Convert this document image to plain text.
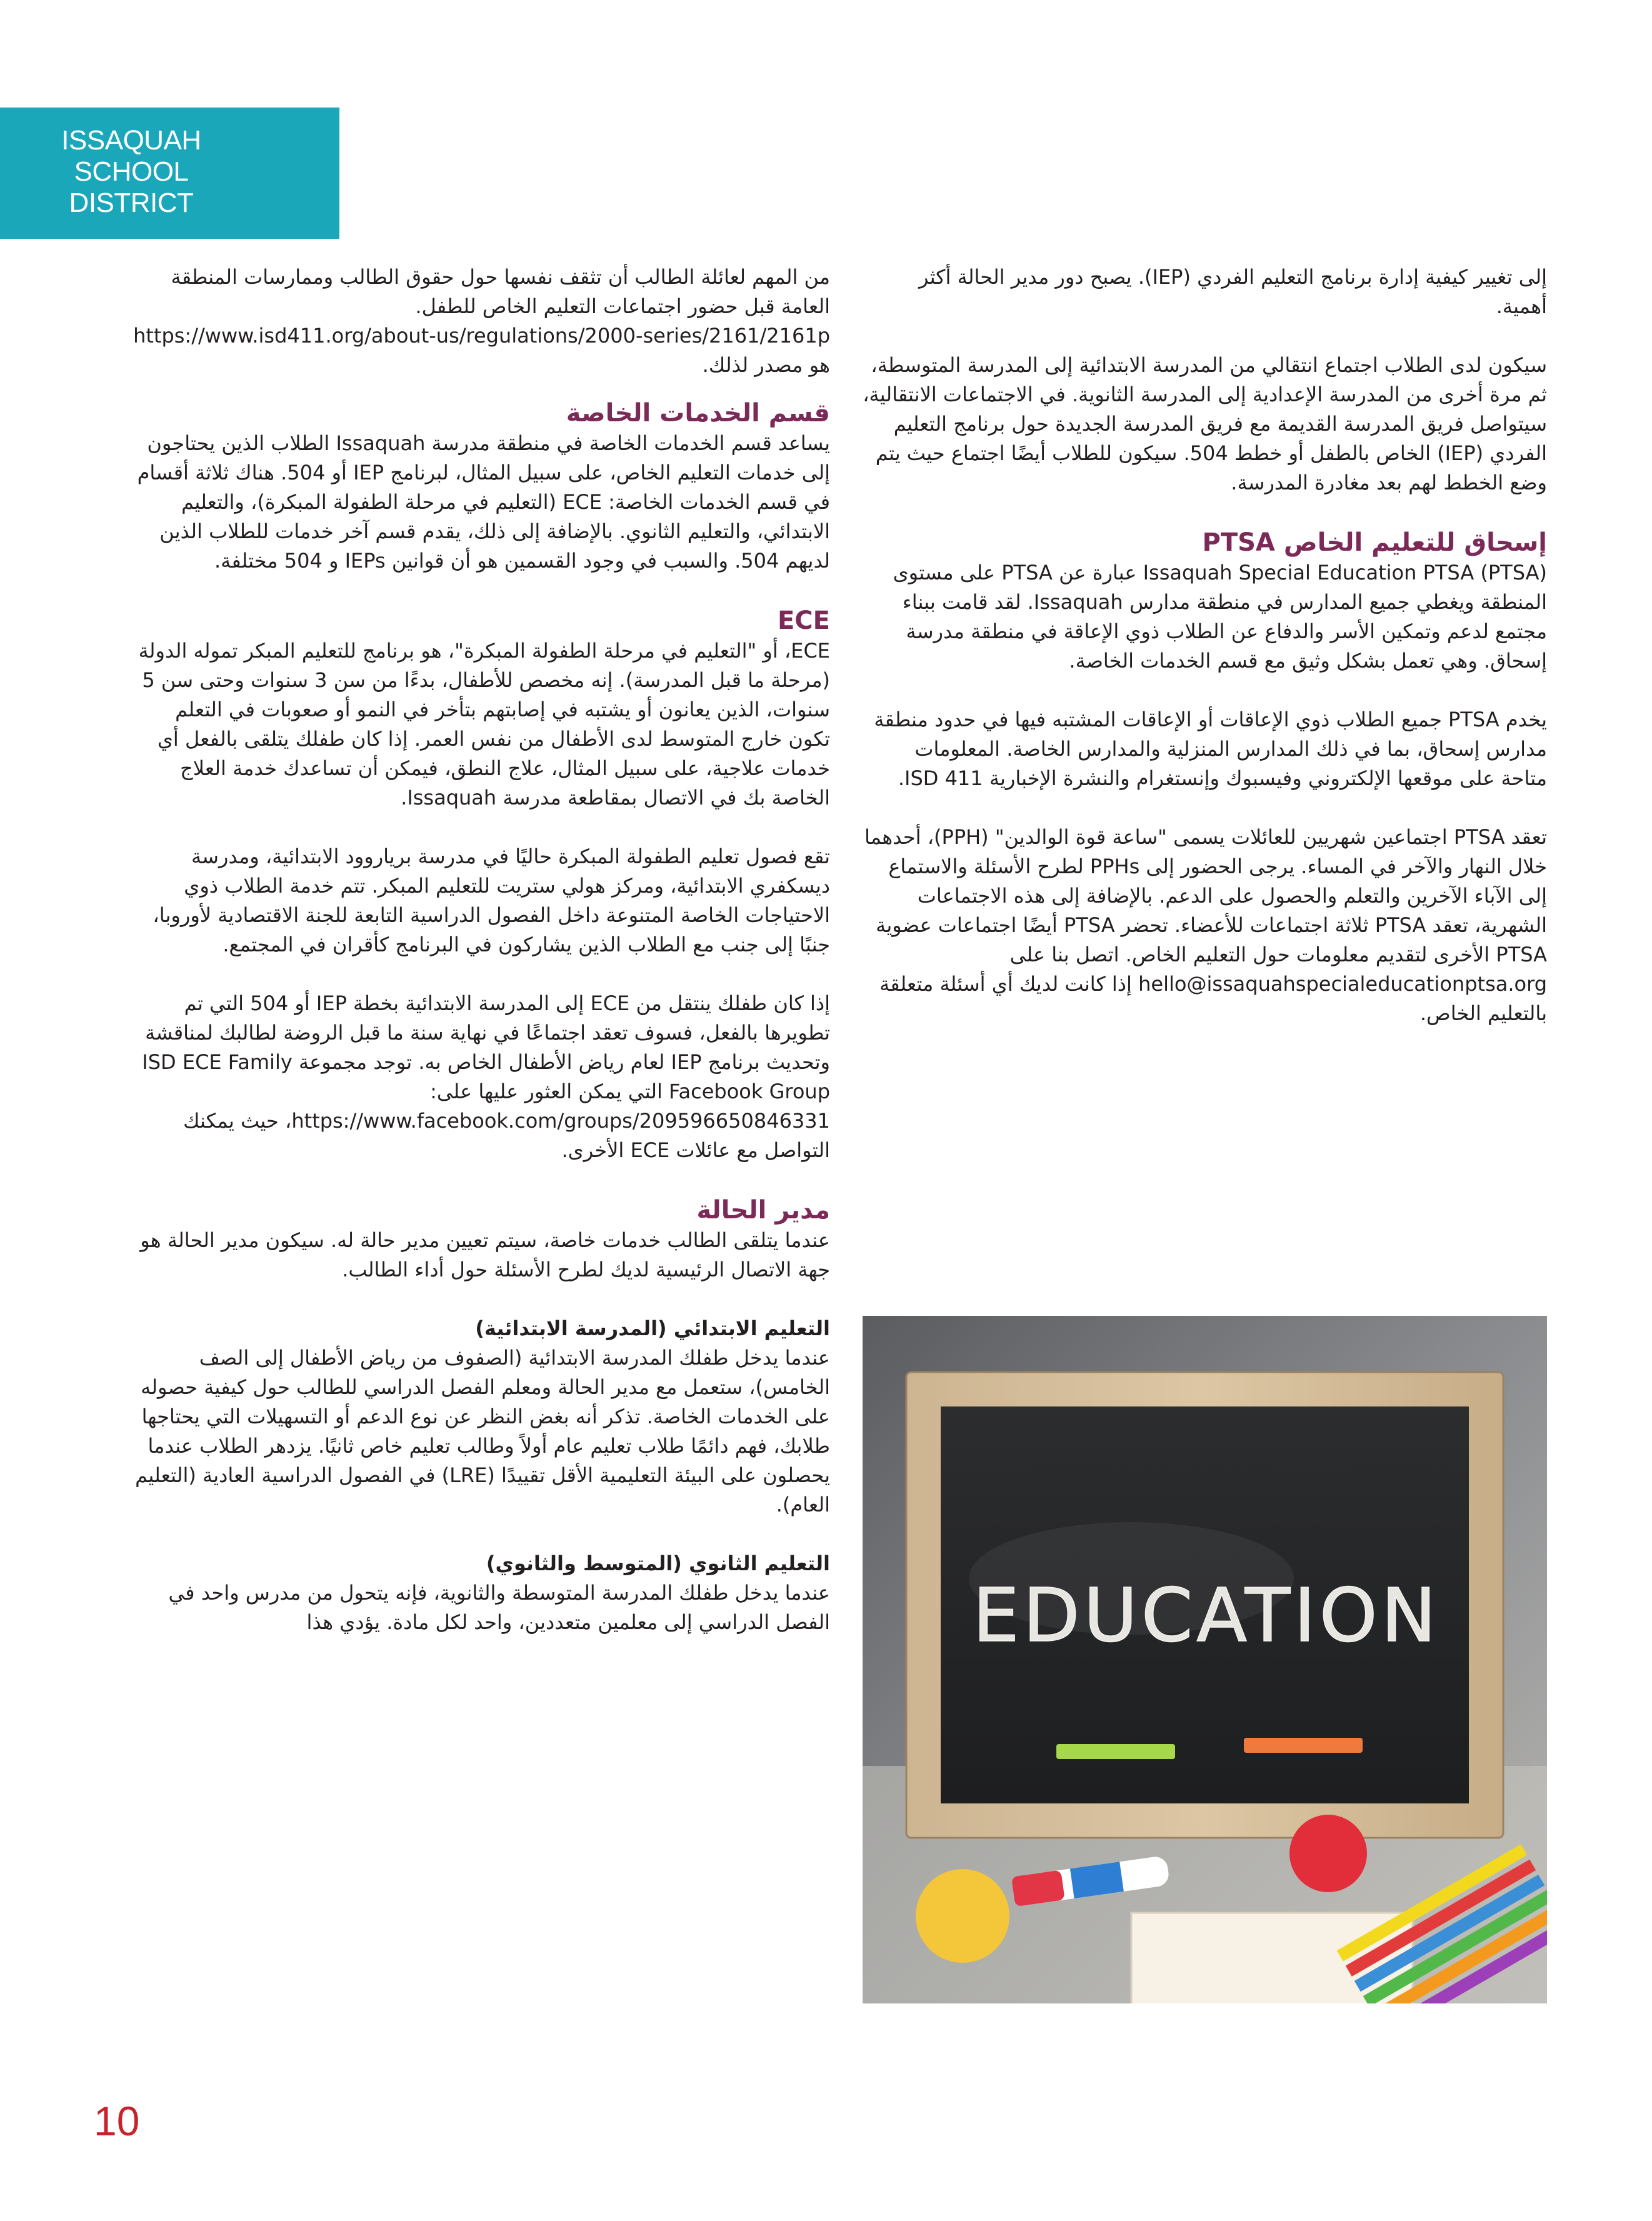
ISSAQUAH
SCHOOL
DISTRICT

إلى تغيير كيفية إدارة برنامج التعليم الفردي (IEP). يصبح دور مدير الحالة أكثر أهمية.

سيكون لدى الطلاب اجتماع انتقالي من المدرسة الابتدائية إلى المدرسة المتوسطة، ثم مرة أخرى من المدرسة الإعدادية إلى المدرسة الثانوية. في الاجتماعات الانتقالية، سيتواصل فريق المدرسة القديمة مع فريق المدرسة الجديدة حول برنامج التعليم الفردي (IEP) الخاص بالطفل أو خطط 504. سيكون للطلاب أيضًا اجتماع حيث يتم وضع الخطط لهم بعد مغادرة المدرسة.

إسحاق للتعليم الخاص PTSA

(Issaquah Special Education PTSA (PTSA عبارة عن PTSA على مستوى المنطقة ويغطي جميع المدارس في منطقة مدارس Issaquah. لقد قامت ببناء مجتمع لدعم وتمكين الأسر والدفاع عن الطلاب ذوي الإعاقة في منطقة مدرسة إسحاق. وهي تعمل بشكل وثيق مع قسم الخدمات الخاصة.

يخدم PTSA جميع الطلاب ذوي الإعاقات أو الإعاقات المشتبه فيها في حدود منطقة مدارس إسحاق، بما في ذلك المدارس المنزلية والمدارس الخاصة. المعلومات متاحة على موقعها الإلكتروني وفيسبوك وإنستغرام والنشرة الإخبارية ISD 411.

تعقد PTSA اجتماعين شهريين للعائلات يسمى "ساعة قوة الوالدين" (PPH)، أحدهما خلال النهار والآخر في المساء. يرجى الحضور إلى PPHs لطرح الأسئلة والاستماع إلى الآباء الآخرين والتعلم والحصول على الدعم. بالإضافة إلى هذه الاجتماعات الشهرية، تعقد PTSA ثلاثة اجتماعات للأعضاء. تحضر PTSA أيضًا اجتماعات عضوية PTSA الأخرى لتقديم معلومات حول التعليم الخاص. اتصل بنا على hello@issaquahspecialeducationptsa.org إذا كانت لديك أي أسئلة متعلقة بالتعليم الخاص.

EDUCATION

من المهم لعائلة الطالب أن تثقف نفسها حول حقوق الطالب وممارسات المنطقة العامة قبل حضور اجتماعات التعليم الخاص للطفل. https://www.isd411.org/about-us/regulations/2000-series/2161/2161p هو مصدر لذلك.

قسم الخدمات الخاصة

يساعد قسم الخدمات الخاصة في منطقة مدرسة Issaquah الطلاب الذين يحتاجون إلى خدمات التعليم الخاص، على سبيل المثال، لبرنامج IEP أو 504. هناك ثلاثة أقسام في قسم الخدمات الخاصة: ECE (التعليم في مرحلة الطفولة المبكرة)، والتعليم الابتدائي، والتعليم الثانوي. بالإضافة إلى ذلك، يقدم قسم آخر خدمات للطلاب الذين لديهم 504. والسبب في وجود القسمين هو أن قوانين IEPs و 504 مختلفة.

ECE

ECE، أو "التعليم في مرحلة الطفولة المبكرة"، هو برنامج للتعليم المبكر تموله الدولة (مرحلة ما قبل المدرسة). إنه مخصص للأطفال، بدءًا من سن 3 سنوات وحتى سن 5 سنوات، الذين يعانون أو يشتبه في إصابتهم بتأخر في النمو أو صعوبات في التعلم تكون خارج المتوسط لدى الأطفال من نفس العمر. إذا كان طفلك يتلقى بالفعل أي خدمات علاجية، على سبيل المثال، علاج النطق، فيمكن أن تساعدك خدمة العلاج الخاصة بك في الاتصال بمقاطعة مدرسة Issaquah.

تقع فصول تعليم الطفولة المبكرة حاليًا في مدرسة برياروود الابتدائية، ومدرسة ديسكفري الابتدائية، ومركز هولي ستريت للتعليم المبكر. تتم خدمة الطلاب ذوي الاحتياجات الخاصة المتنوعة داخل الفصول الدراسية التابعة للجنة الاقتصادية لأوروبا، جنبًا إلى جنب مع الطلاب الذين يشاركون في البرنامج كأقران في المجتمع.

إذا كان طفلك ينتقل من ECE إلى المدرسة الابتدائية بخطة IEP أو 504 التي تم تطويرها بالفعل، فسوف تعقد اجتماعًا في نهاية سنة ما قبل الروضة لطالبك لمناقشة وتحديث برنامج IEP لعام رياض الأطفال الخاص به. توجد مجموعة ISD ECE Family Facebook Group التي يمكن العثور عليها على: https://www.facebook.com/groups/209596650846331، حيث يمكنك التواصل مع عائلات ECE الأخرى.

مدير الحالة

عندما يتلقى الطالب خدمات خاصة، سيتم تعيين مدير حالة له. سيكون مدير الحالة هو جهة الاتصال الرئيسية لديك لطرح الأسئلة حول أداء الطالب.

التعليم الابتدائي (المدرسة الابتدائية)

عندما يدخل طفلك المدرسة الابتدائية (الصفوف من رياض الأطفال إلى الصف الخامس)، ستعمل مع مدير الحالة ومعلم الفصل الدراسي للطالب حول كيفية حصوله على الخدمات الخاصة. تذكر أنه بغض النظر عن نوع الدعم أو التسهيلات التي يحتاجها طلابك، فهم دائمًا طلاب تعليم عام أولاً وطالب تعليم خاص ثانيًا. يزدهر الطلاب عندما يحصلون على البيئة التعليمية الأقل تقييدًا (LRE) في الفصول الدراسية العادية (التعليم العام).

التعليم الثانوي (المتوسط والثانوي)

عندما يدخل طفلك المدرسة المتوسطة والثانوية، فإنه يتحول من مدرس واحد في الفصل الدراسي إلى معلمين متعددين، واحد لكل مادة. يؤدي هذا

10
